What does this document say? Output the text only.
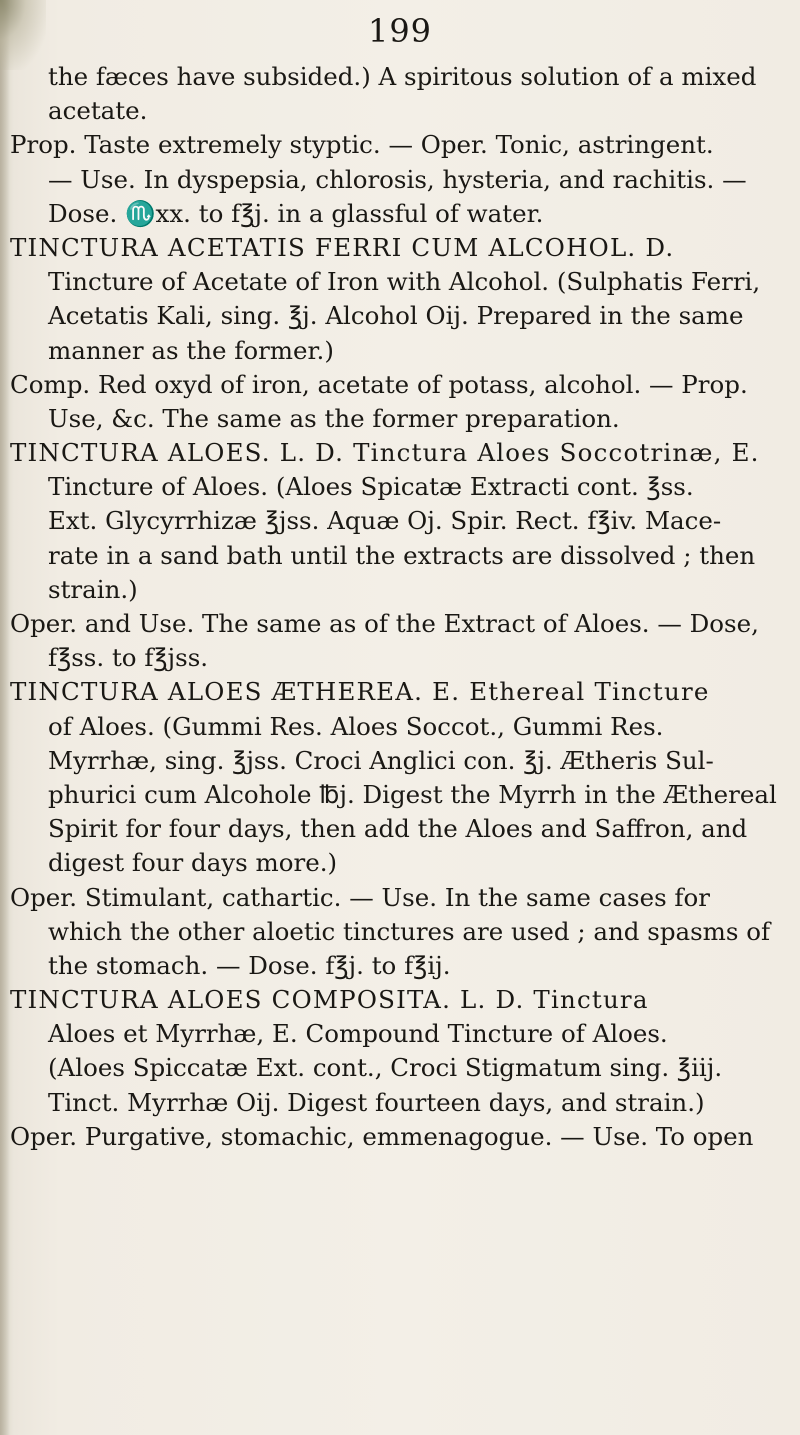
199
the fæces have subsided.) A spiritous solution of a mixed
acetate.
Prop. Taste extremely styptic. — Oper. Tonic, astringent.
— Use. In dyspepsia, chlorosis, hysteria, and rachitis. —
Dose. ♏xx. to f℥j. in a glassful of water.
TINCTURA ACETATIS FERRI CUM ALCOHOL. D.
Tincture of Acetate of Iron with Alcohol. (Sulphatis Ferri,
Acetatis Kali, sing. ℥j. Alcohol Oij. Prepared in the same
manner as the former.)
Comp. Red oxyd of iron, acetate of potass, alcohol. — Prop.
Use, &c. The same as the former preparation.
TINCTURA ALOES. L. D. Tinctura Aloes Soccotrinæ, E.
Tincture of Aloes. (Aloes Spicatæ Extracti cont. ℥ss.
Ext. Glycyrrhizæ ℥jss. Aquæ Oj. Spir. Rect. f℥iv. Mace-
rate in a sand bath until the extracts are dissolved ; then
strain.)
Oper. and Use. The same as of the Extract of Aloes. — Dose,
f℥ss. to f℥jss.
TINCTURA ALOES ÆTHEREA. E. Ethereal Tincture
of Aloes. (Gummi Res. Aloes Soccot., Gummi Res.
Myrrhæ, sing. ℥jss. Croci Anglici con. ℥j. Ætheris Sul-
phurici cum Alcohole ℔j. Digest the Myrrh in the Æthereal
Spirit for four days, then add the Aloes and Saffron, and
digest four days more.)
Oper. Stimulant, cathartic. — Use. In the same cases for
which the other aloetic tinctures are used ; and spasms of
the stomach. — Dose. f℥j. to f℥ij.
TINCTURA ALOES COMPOSITA. L. D. Tinctura
Aloes et Myrrhæ, E. Compound Tincture of Aloes.
(Aloes Spiccatæ Ext. cont., Croci Stigmatum sing. ℥iij.
Tinct. Myrrhæ Oij. Digest fourteen days, and strain.)
Oper. Purgative, stomachic, emmenagogue. — Use. To open
